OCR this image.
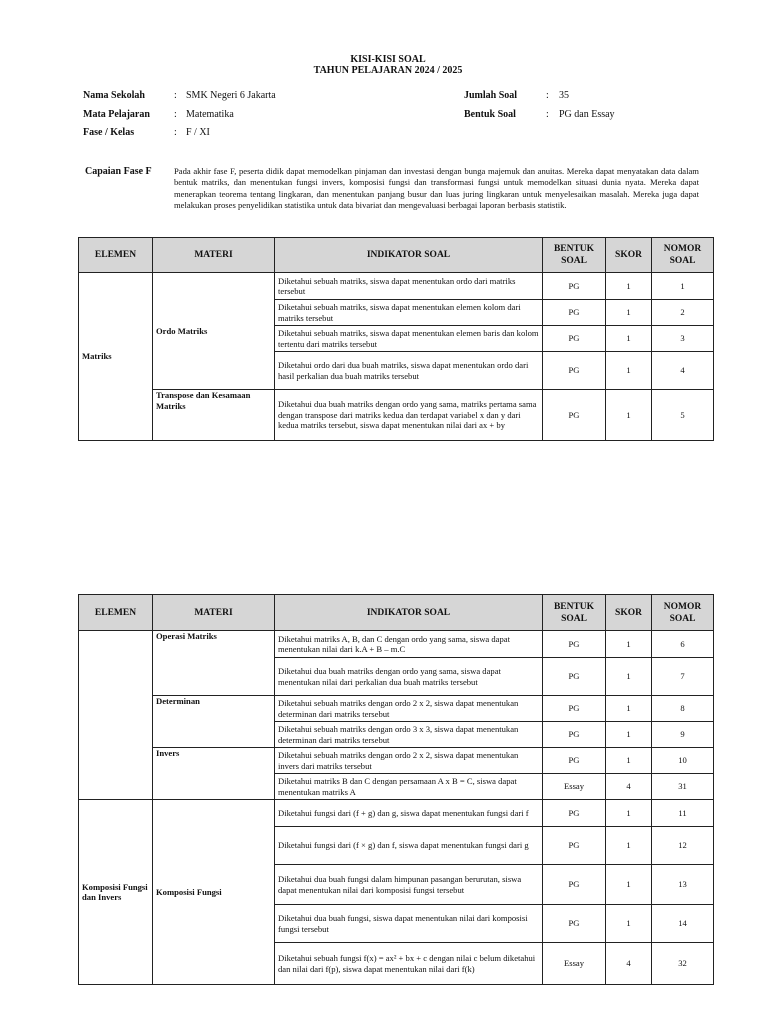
KISI-KISI SOAL
TAHUN PELAJARAN 2024 / 2025
Nama Sekolah	: SMK Negeri 6 Jakarta
Mata Pelajaran : Matematika
Fase / Kelas	: F / XI
Jumlah Soal	: 35
Bentuk Soal	: PG dan Essay
Capaian Fase F	Pada akhir fase F, peserta didik dapat memodelkan pinjaman dan investasi dengan bunga majemuk dan anuitas. Mereka dapat menyatakan data dalam bentuk matriks, dan menentukan fungsi invers, komposisi fungsi dan transformasi fungsi untuk memodelkan situasi dunia nyata. Mereka dapat menerapkan teorema tentang lingkaran, dan menentukan panjang busur dan luas juring lingkaran untuk menyelesaikan masalah. Mereka juga dapat melakukan proses penyelidikan statistika untuk data bivariat dan mengevaluasi berbagai laporan berbasis statistik.
ELEMEN	MATERI	INDIKATOR SOAL	BENTUK SOAL	SKOR	NOMOR SOAL
Matriks	Ordo Matriks	Diketahui sebuah matriks, siswa dapat menentukan ordo dari matriks tersebut	PG	1	1
		Diketahui sebuah matriks, siswa dapat menentukan elemen kolom dari matriks tersebut	PG	1	2
		Diketahui sebuah matriks, siswa dapat menentukan elemen baris dan kolom tertentu dari matriks tersebut	PG	1	3
		Diketahui ordo dari dua buah matriks, siswa dapat menentukan ordo dari hasil perkalian dua buah matriks tersebut	PG	1	4
	Transpose dan Kesamaan Matriks	Diketahui dua buah matriks dengan ordo yang sama, matriks pertama sama dengan transpose dari matriks kedua dan terdapat variabel x dan y dari kedua matriks tersebut, siswa dapat menentukan nilai dari ax + by	PG	1	5
ELEMEN	MATERI	INDIKATOR SOAL	BENTUK SOAL	SKOR	NOMOR SOAL
	Operasi Matriks	Diketahui matriks A, B, dan C dengan ordo yang sama, siswa dapat menentukan nilai dari k.A + B – m.C	PG	1	6
		Diketahui dua buah matriks dengan ordo yang sama, siswa dapat menentukan nilai dari perkalian dua buah matriks tersebut	PG	1	7
	Determinan	Diketahui sebuah matriks dengan ordo 2 x 2, siswa dapat menentukan determinan dari matriks tersebut	PG	1	8
		Diketahui sebuah matriks dengan ordo 3 x 3, siswa dapat menentukan determinan dari matriks tersebut	PG	1	9
	Invers	Diketahui sebuah matriks dengan ordo 2 x 2, siswa dapat menentukan invers dari matriks tersebut	PG	1	10
		Diketahui matriks B dan C dengan persamaan A x B = C, siswa dapat menentukan matriks A	Essay	4	31
Komposisi Fungsi dan Invers	Komposisi Fungsi	Diketahui fungsi dari (f + g) dan g, siswa dapat menentukan fungsi dari f	PG	1	11
		Diketahui fungsi dari (f × g) dan f, siswa dapat menentukan fungsi dari g	PG	1	12
		Diketahui dua buah fungsi dalam himpunan pasangan berurutan, siswa dapat menentukan nilai dari komposisi fungsi tersebut	PG	1	13
		Diketahui dua buah fungsi, siswa dapat menentukan nilai dari komposisi fungsi tersebut	PG	1	14
		Diketahui sebuah fungsi f(x) = ax² + bx + c dengan nilai c belum diketahui dan nilai dari f(p), siswa dapat menentukan nilai dari f(k)	Essay	4	32
